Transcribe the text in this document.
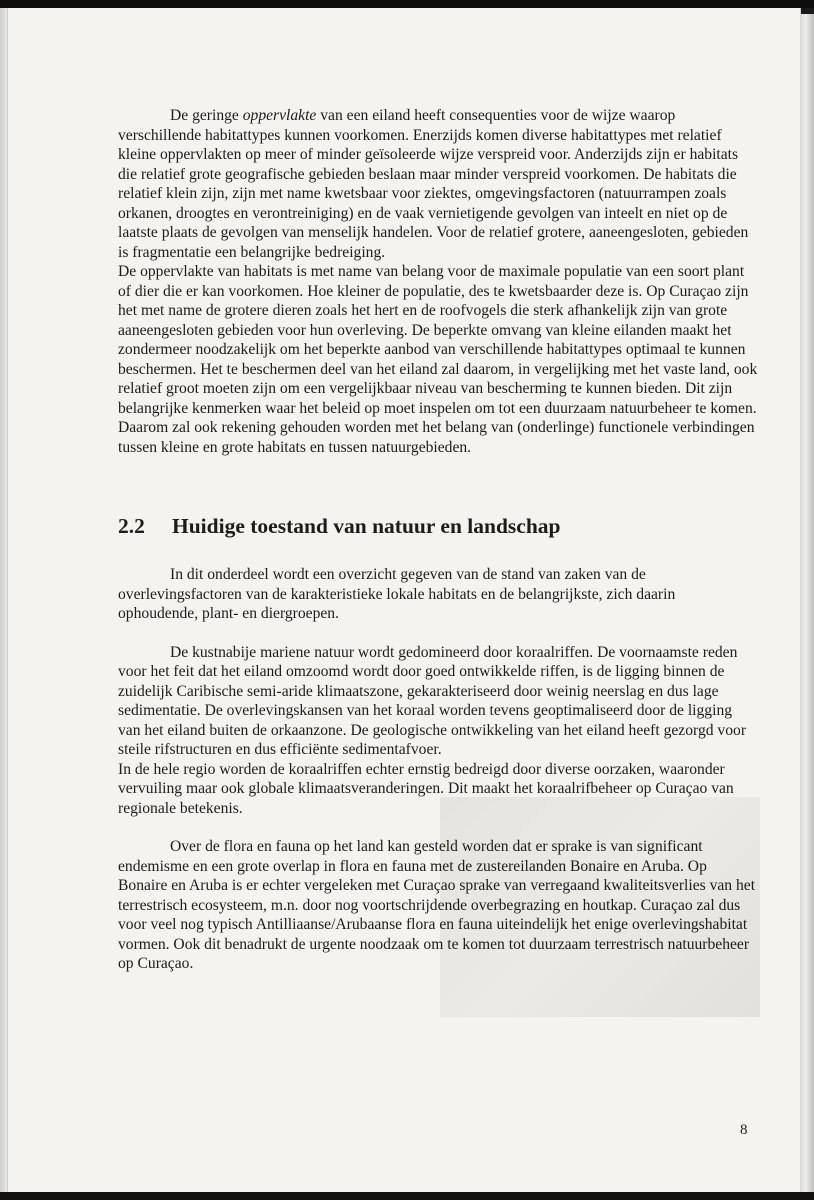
De geringe oppervlakte van een eiland heeft consequenties voor de wijze waarop verschillende habitattypes kunnen voorkomen. Enerzijds komen diverse habitattypes met relatief kleine oppervlakten op meer of minder geïsoleerde wijze verspreid voor. Anderzijds zijn er habitats die relatief grote geografische gebieden beslaan maar minder verspreid voorkomen. De habitats die relatief klein zijn, zijn met name kwetsbaar voor ziektes, omgevingsfactoren (natuurrampen zoals orkanen, droogtes en verontreiniging) en de vaak vernietigende gevolgen van inteelt en niet op de laatste plaats de gevolgen van menselijk handelen. Voor de relatief grotere, aaneengesloten, gebieden is fragmentatie een belangrijke bedreiging.

De oppervlakte van habitats is met name van belang voor de maximale populatie van een soort plant of dier die er kan voorkomen. Hoe kleiner de populatie, des te kwetsbaarder deze is. Op Curaçao zijn het met name de grotere dieren zoals het hert en de roofvogels die sterk afhankelijk zijn van grote aaneengesloten gebieden voor hun overleving. De beperkte omvang van kleine eilanden maakt het zondermeer noodzakelijk om het beperkte aanbod van verschillende habitattypes optimaal te kunnen beschermen. Het te beschermen deel van het eiland zal daarom, in vergelijking met het vaste land, ook relatief groot moeten zijn om een vergelijkbaar niveau van bescherming te kunnen bieden. Dit zijn belangrijke kenmerken waar het beleid op moet inspelen om tot een duurzaam natuurbeheer te komen. Daarom zal ook rekening gehouden worden met het belang van (onderlinge) functionele verbindingen tussen kleine en grote habitats en tussen natuurgebieden.

2.2 Huidige toestand van natuur en landschap

In dit onderdeel wordt een overzicht gegeven van de stand van zaken van de overlevingsfactoren van de karakteristieke lokale habitats en de belangrijkste, zich daarin ophoudende, plant- en diergroepen.

De kustnabije mariene natuur wordt gedomineerd door koraalriffen. De voornaamste reden voor het feit dat het eiland omzoomd wordt door goed ontwikkelde riffen, is de ligging binnen de zuidelijk Caribische semi-aride klimaatszone, gekarakteriseerd door weinig neerslag en dus lage sedimentatie. De overlevingskansen van het koraal worden tevens geoptimaliseerd door de ligging van het eiland buiten de orkaanzone. De geologische ontwikkeling van het eiland heeft gezorgd voor steile rifstructuren en dus efficiënte sedimentafvoer.

In de hele regio worden de koraalriffen echter ernstig bedreigd door diverse oorzaken, waaronder vervuiling maar ook globale klimaatsveranderingen. Dit maakt het koraalrifbeheer op Curaçao van regionale betekenis.

Over de flora en fauna op het land kan gesteld worden dat er sprake is van significant endemisme en een grote overlap in flora en fauna met de zustereilanden Bonaire en Aruba. Op Bonaire en Aruba is er echter vergeleken met Curaçao sprake van verregaand kwaliteitsverlies van het terrestrisch ecosysteem, m.n. door nog voortschrijdende overbegrazing en houtkap. Curaçao zal dus voor veel nog typisch Antilliaanse/Arubaanse flora en fauna uiteindelijk het enige overlevingshabitat vormen. Ook dit benadrukt de urgente noodzaak om te komen tot duurzaam terrestrisch natuurbeheer op Curaçao.

8
